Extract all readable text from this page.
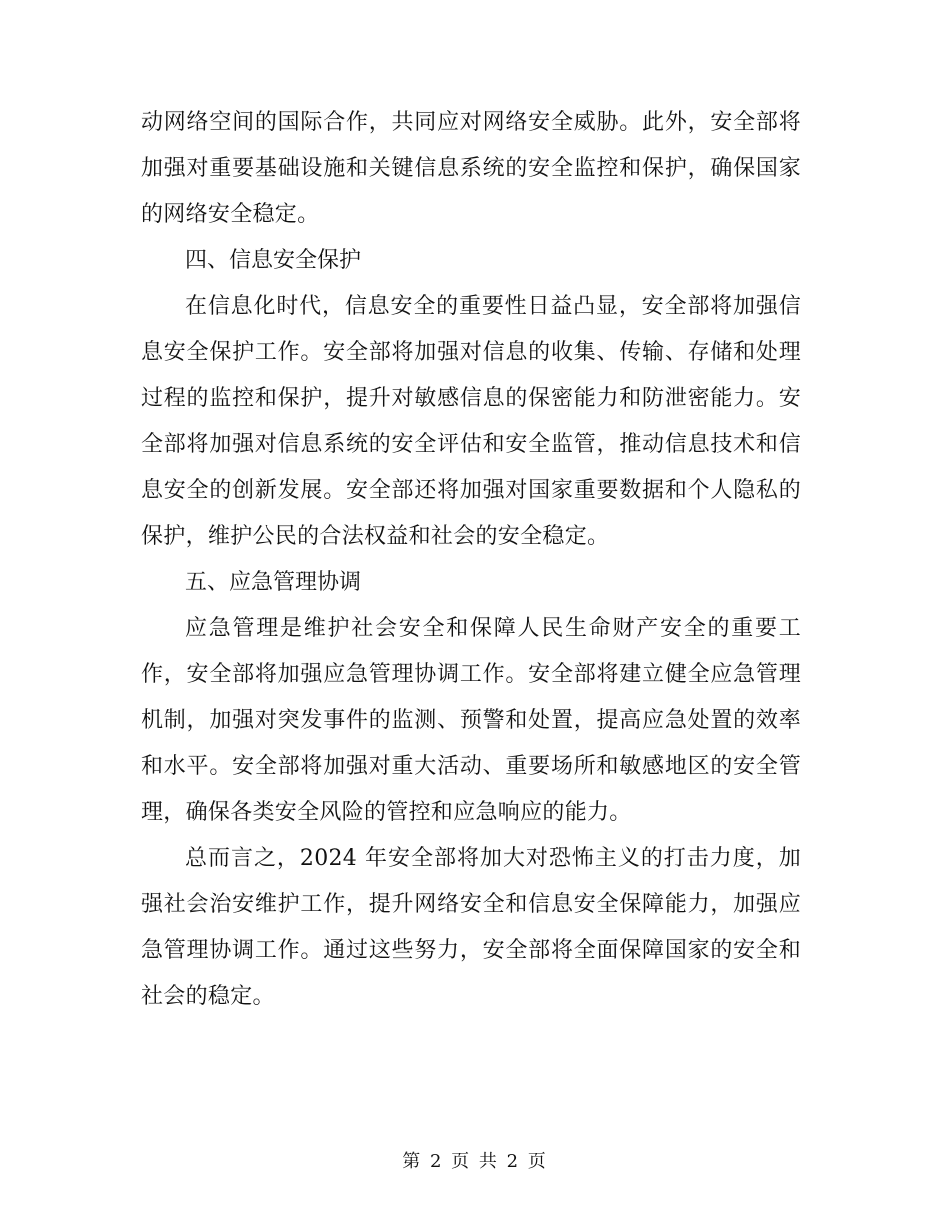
动网络空间的国际合作，共同应对网络安全威胁。此外，安全部将加强对重要基础设施和关键信息系统的安全监控和保护，确保国家的网络安全稳定。

四、信息安全保护

在信息化时代，信息安全的重要性日益凸显，安全部将加强信息安全保护工作。安全部将加强对信息的收集、传输、存储和处理过程的监控和保护，提升对敏感信息的保密能力和防泄密能力。安全部将加强对信息系统的安全评估和安全监管，推动信息技术和信息安全的创新发展。安全部还将加强对国家重要数据和个人隐私的保护，维护公民的合法权益和社会的安全稳定。

五、应急管理协调

应急管理是维护社会安全和保障人民生命财产安全的重要工作，安全部将加强应急管理协调工作。安全部将建立健全应急管理机制，加强对突发事件的监测、预警和处置，提高应急处置的效率和水平。安全部将加强对重大活动、重要场所和敏感地区的安全管理，确保各类安全风险的管控和应急响应的能力。

总而言之，2024 年安全部将加大对恐怖主义的打击力度，加强社会治安维护工作，提升网络安全和信息安全保障能力，加强应急管理协调工作。通过这些努力，安全部将全面保障国家的安全和社会的稳定。

第 2 页 共 2 页
